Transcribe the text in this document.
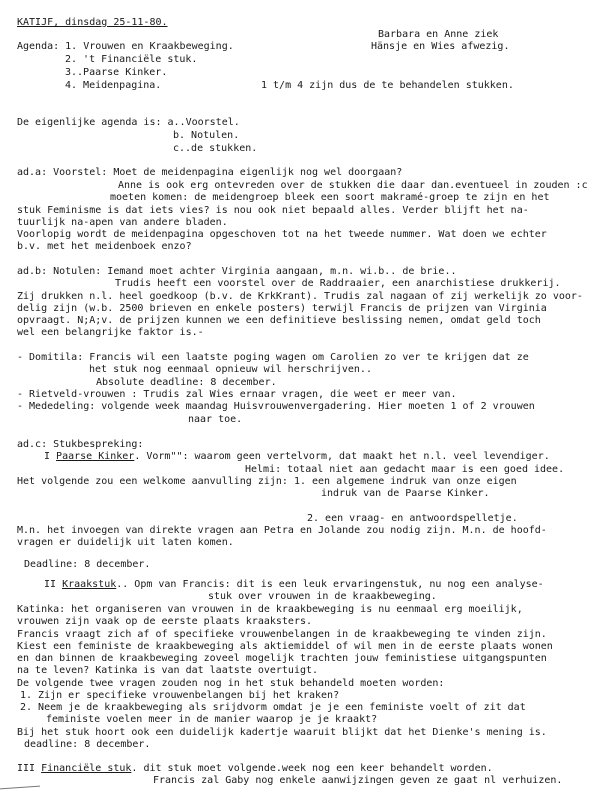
KATIJF, dinsdag 25-11-80.
Barbara en Anne ziek
Hänsje en Wies afwezig.
Agenda: 1. Vrouwen en Kraakbeweging.
2. 't Financiële stuk.
3..Paarse Kinker.
4. Meidenpagina.	1 t/m 4 zijn dus de te behandelen stukken.
De eigenlijke agenda is: a..Voorstel.
b. Notulen.
c..de stukken.
ad.a: Voorstel: Moet de meidenpagina eigenlijk nog wel doorgaan?
Anne is ook erg ontevreden over de stukken die daar dan.eventueel in zouden :c
moeten komen: de meidengroep bleek een soort makramé-groep te zijn en het
stuk Feminisme is dat iets vies? is nou ook niet bepaald alles. Verder blijft het na-
tuurlijk na-apen van andere bladen.
Voorlopig wordt de meidenpagina opgeschoven tot na het tweede nummer. Wat doen we echter
b.v. met het meidenboek enzo?
ad.b: Notulen: Iemand moet achter Virginia aangaan, m.n. wi.b.. de brie..
Trudis heeft een voorstel over de Raddraaier, een anarchistiese drukkerij.
Zij drukken n.l. heel goedkoop (b.v. de KrkKrant). Trudis zal nagaan of zij werkelijk zo voor-
delig zijn (w.b. 2500 brieven en enkele posters) terwijl Francis de prijzen van Virginia
opvraagt. N;A;v. de prijzen kunnen we een definitieve beslissing nemen, omdat geld toch
wel een belangrijke faktor is.-
- Domitila: Francis wil een laatste poging wagen om Carolien zo ver te krijgen dat ze
het stuk nog eenmaal opnieuw wil herschrijven..
Absolute deadline: 8 december.
- Rietveld-vrouwen : Trudis zal Wies ernaar vragen, die weet er meer van.
- Mededeling: volgende week maandag Huisvrouwenvergadering. Hier moeten 1 of 2 vrouwen
naar toe.
ad.c: Stukbespreking:
I Paarse Kinker. Vorm"": waarom geen vertelvorm, dat maakt het n.l. veel levendiger.
Helmi: totaal niet aan gedacht maar is een goed idee.
Het volgende zou een welkome aanvulling zijn: 1. een algemene indruk van onze eigen
indruk van de Paarse Kinker.
2. een vraag- en antwoordspelletje.
M.n. het invoegen van direkte vragen aan Petra en Jolande zou nodig zijn. M.n. de hoofd-
vragen er duidelijk uit laten komen.
Deadline: 8 december.
II Kraakstuk.. Opm van Francis: dit is een leuk ervaringenstuk, nu nog een analyse-
stuk over vrouwen in de kraakbeweging.
Katinka: het organiseren van vrouwen in de kraakbeweging is nu eenmaal erg moeilijk,
vrouwen zijn vaak op de eerste plaats kraaksters.
Francis vraagt zich af of specifieke vrouwenbelangen in de kraakbeweging te vinden zijn.
Kiest een feministe de kraakbeweging als aktiemiddel of wil men in de eerste plaats wonen
en dan binnen de kraakbeweging zoveel mogelijk trachten jouw feministiese uitgangspunten
na te leven? Katinka is van dat laatste overtuigt.
De volgende twee vragen zouden nog in het stuk behandeld moeten worden:
1. Zijn er specifieke vrouwenbelangen bij het kraken?
2. Neem je de kraakbeweging als srijdvorm omdat je je een feministe voelt of zit dat
feministe voelen meer in de manier waarop je je kraakt?
Bij het stuk hoort ook een duidelijk kadertje waaruit blijkt dat het Dienke's mening is.
deadline: 8 december.
III Financiële stuk. dit stuk moet volgende.week nog een keer behandelt worden.
Francis zal Gaby nog enkele aanwijzingen geven ze gaat nl verhuizen.
